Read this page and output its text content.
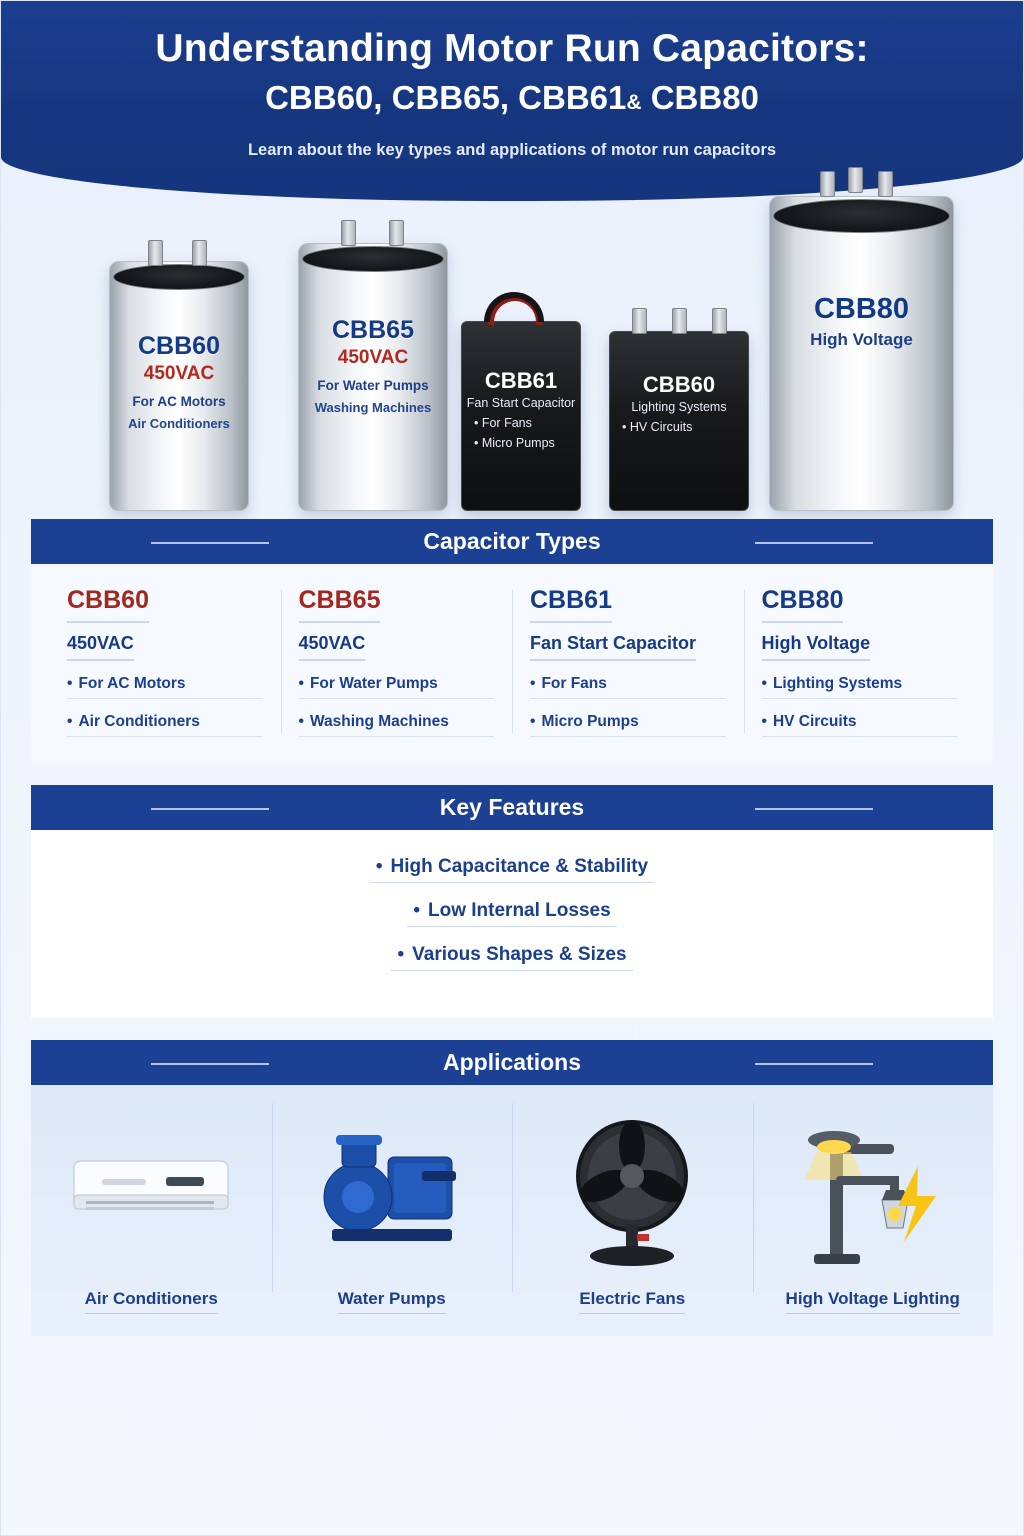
Understanding Motor Run Capacitors:
CBB60, CBB65, CBB61& CBB80
Learn about the key types and applications of motor run capacitors
CBB60
450VAC
For AC Motors
Air Conditioners
CBB65
450VAC
For Water Pumps
Washing Machines
CBB61
Fan Start Capacitor
• For Fans
• Micro Pumps
CBB60
Lighting Systems
• HV Circuits
CBB80
High Voltage
Capacitor Types
CBB60
450VAC
• For AC Motors
• Air Conditioners
CBB65
450VAC
• For Water Pumps
• Washing Machines
CBB61
Fan Start Capacitor
• For Fans
• Micro Pumps
CBB80
High Voltage
• Lighting Systems
• HV Circuits
Key Features
• High Capacitance & Stability
• Low Internal Losses
• Various Shapes & Sizes
Applications
Air Conditioners	Water Pumps	Electric Fans	High Voltage Lighting
